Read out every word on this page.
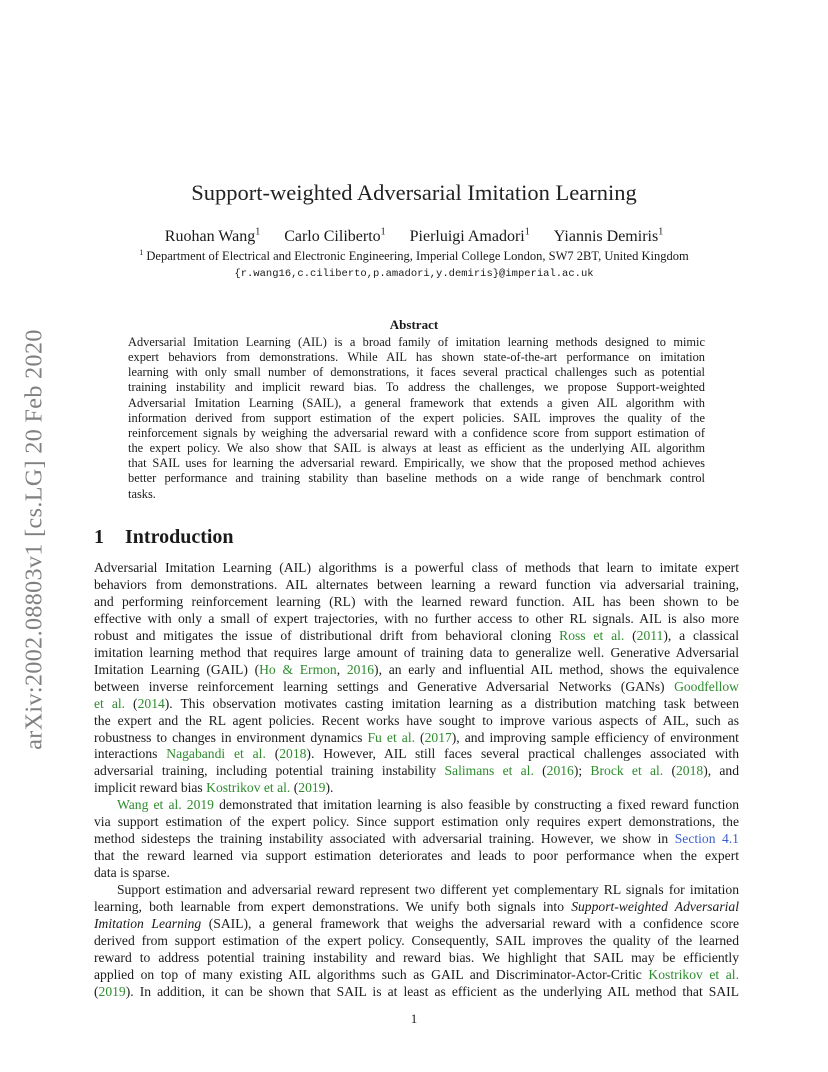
arXiv:2002.08803v1 [cs.LG] 20 Feb 2020
Support-weighted Adversarial Imitation Learning
Ruohan Wang$^1$ Carlo Ciliberto$^1$ Pierluigi Amadori$^1$ Yiannis Demiris$^1$
$^1$ Department of Electrical and Electronic Engineering, Imperial College London, SW7 2BT, United Kingdom
{r.wang16,c.ciliberto,p.amadori,y.demiris}@imperial.ac.uk
Abstract
Adversarial Imitation Learning (AIL) is a broad family of imitation learning methods designed to mimic
expert behaviors from demonstrations. While AIL has shown state-of-the-art performance on imitation
learning with only small number of demonstrations, it faces several practical challenges such as potential
training instability and implicit reward bias. To address the challenges, we propose Support-weighted
Adversarial Imitation Learning (SAIL), a general framework that extends a given AIL algorithm with
information derived from support estimation of the expert policies. SAIL improves the quality of the
reinforcement signals by weighing the adversarial reward with a confidence score from support estimation of
the expert policy. We also show that SAIL is always at least as efficient as the underlying AIL algorithm
that SAIL uses for learning the adversarial reward. Empirically, we show that the proposed method achieves
better performance and training stability than baseline methods on a wide range of benchmark control
tasks.
1 Introduction
Adversarial Imitation Learning (AIL) algorithms is a powerful class of methods that learn to imitate expert
behaviors from demonstrations. AIL alternates between learning a reward function via adversarial training,
and performing reinforcement learning (RL) with the learned reward function. AIL has been shown to be
effective with only a small of expert trajectories, with no further access to other RL signals. AIL is also more
robust and mitigates the issue of distributional drift from behavioral cloning Ross et al. (2011), a classical
imitation learning method that requires large amount of training data to generalize well. Generative Adversarial
Imitation Learning (GAIL) (Ho & Ermon, 2016), an early and influential AIL method, shows the equivalence
between inverse reinforcement learning settings and Generative Adversarial Networks (GANs) Goodfellow
et al. (2014). This observation motivates casting imitation learning as a distribution matching task between
the expert and the RL agent policies. Recent works have sought to improve various aspects of AIL, such as
robustness to changes in environment dynamics Fu et al. (2017), and improving sample efficiency of environment
interactions Nagabandi et al. (2018). However, AIL still faces several practical challenges associated with
adversarial training, including potential training instability Salimans et al. (2016); Brock et al. (2018), and
implicit reward bias Kostrikov et al. (2019).
Wang et al. 2019 demonstrated that imitation learning is also feasible by constructing a fixed reward function
via support estimation of the expert policy. Since support estimation only requires expert demonstrations, the
method sidesteps the training instability associated with adversarial training. However, we show in Section 4.1
that the reward learned via support estimation deteriorates and leads to poor performance when the expert
data is sparse.
Support estimation and adversarial reward represent two different yet complementary RL signals for imitation
learning, both learnable from expert demonstrations. We unify both signals into Support-weighted Adversarial
Imitation Learning (SAIL), a general framework that weighs the adversarial reward with a confidence score
derived from support estimation of the expert policy. Consequently, SAIL improves the quality of the learned
reward to address potential training instability and reward bias. We highlight that SAIL may be efficiently
applied on top of many existing AIL algorithms such as GAIL and Discriminator-Actor-Critic Kostrikov et al.
(2019). In addition, it can be shown that SAIL is at least as efficient as the underlying AIL method that SAIL
1
